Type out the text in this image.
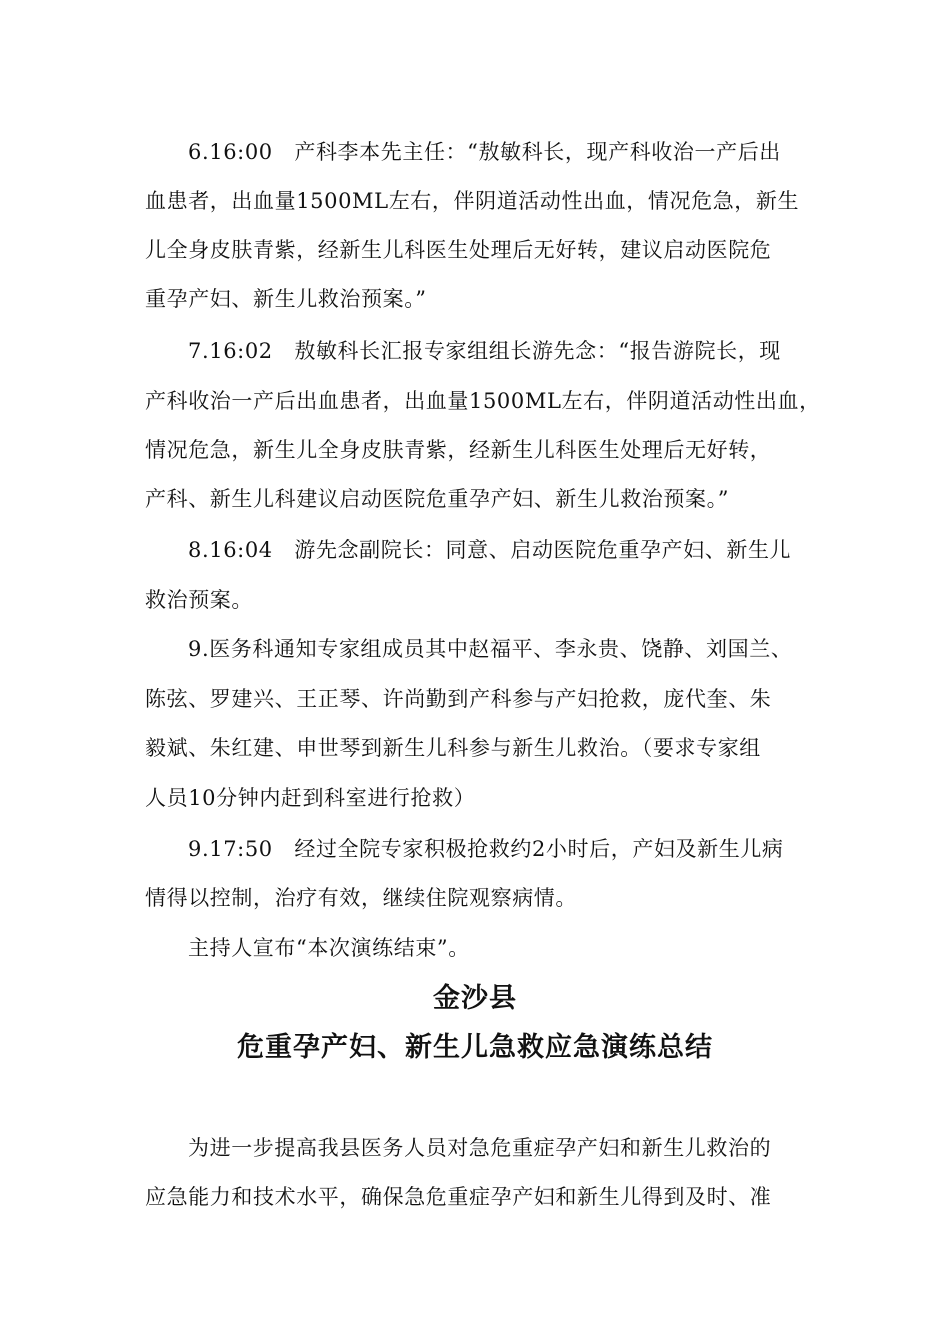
6.16:00　产科李本先主任：“敖敏科长，现产科收治一产后出
血患者，出血量1500ML左右，伴阴道活动性出血，情况危急，新生
儿全身皮肤青紫，经新生儿科医生处理后无好转，建议启动医院危
重孕产妇、新生儿救治预案。”
7.16:02　敖敏科长汇报专家组组长游先念：“报告游院长，现
产科收治一产后出血患者，出血量1500ML左右，伴阴道活动性出血，
情况危急，新生儿全身皮肤青紫，经新生儿科医生处理后无好转，
产科、新生儿科建议启动医院危重孕产妇、新生儿救治预案。”
8.16:04　游先念副院长：同意、启动医院危重孕产妇、新生儿
救治预案。
9.医务科通知专家组成员其中赵福平、李永贵、饶静、刘国兰、
陈弦、罗建兴、王正琴、许尚勤到产科参与产妇抢救，庞代奎、朱
毅斌、朱红建、申世琴到新生儿科参与新生儿救治。（要求专家组
人员10分钟内赶到科室进行抢救）
9.17:50　经过全院专家积极抢救约2小时后，产妇及新生儿病
情得以控制，治疗有效，继续住院观察病情。
主持人宣布“本次演练结束”。
金沙县
危重孕产妇、新生儿急救应急演练总结
为进一步提高我县医务人员对急危重症孕产妇和新生儿救治的
应急能力和技术水平，确保急危重症孕产妇和新生儿得到及时、准
